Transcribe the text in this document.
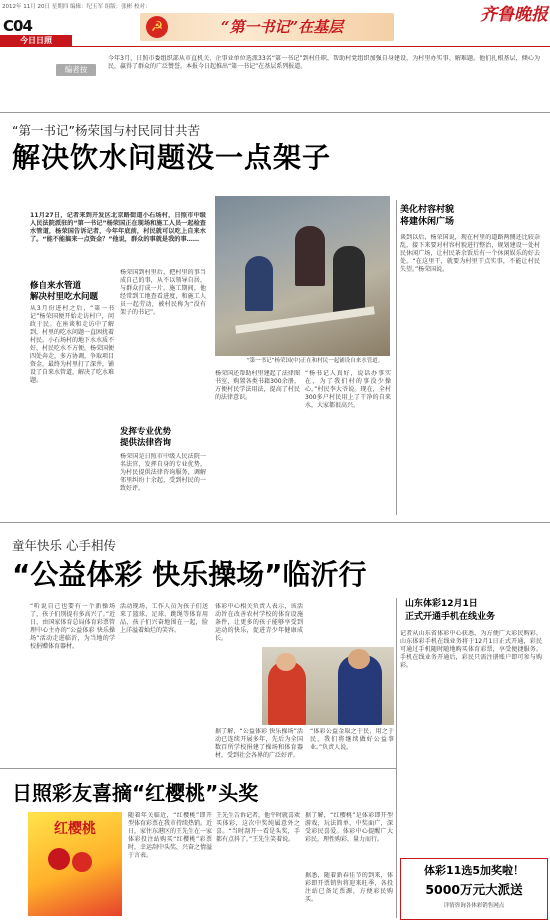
2012年 11月 20日 星期四 编辑：纪玉军 组版：张彬 校对：	齐鲁晚报
C04
今日日照
☭	“第一书记”在基层
编者按
今年3月，日照市委组织部从市直机关、企事业单位选派33名“第一书记”到村任职，帮助村党组织加强自身建设，为村里办实事、解难题。他们扎根基层，倾心为民，赢得了群众的广泛赞誉。本报今日起推出“第一书记”在基层系列报道。
“第一书记”杨荣国与村民同甘共苦
解决饮水问题没一点架子
11月27日，记者来到开发区北京路街道小石场村，日照市中级人民法院派驻的“第一书记”杨荣国正在现场和施工人员一起检查水管道，杨荣国告诉记者，今年年底前，村民就可以吃上自来水了。“能不能搞来一点资金？”他说，群众的事就是我的事……
“第一书记”杨荣国(中)正在和村民一起铺设自来水管道。
修自来水管道
解决村里吃水问题
从3月份进村之后，“第一书记”杨荣国便开始走访村户，问政于民。在座谈和走访中了解到，村里的吃水问题一直困扰着村民。小石场村的地下水水质不好，村民吃水不方便。杨荣国便四处奔走，多方协调，争取项目资金，最终为村里打了深井，铺设了自来水管道，解决了吃水难题。
杨荣国到村里后，把村里的事当成自己的事，从不以领导自居，与群众打成一片。施工期间，他经常到工地查看进度，和施工人员一起劳动，被村民称为“没有架子的书记”。
发挥专业优势
提供法律咨询
杨荣国是日照市中级人民法院一名法官，发挥自身的专业优势，为村民提供法律咨询服务，调解邻里纠纷十余起，受到村民的一致好评。
杨荣国还帮助村里建起了法律图书室，购置各类书籍300余册，方便村民学法用法，提高了村民的法律意识。
“杨书记人真好，说话办事实在，为了我们村的事没少操心。”村民李大爷说。现在，全村300多户村民用上了干净的自来水，大家都很高兴。
美化村容村貌
将建休闲广场
谈到以后，杨荣国说，现在村里的道路两侧还比较杂乱，接下来要对村容村貌进行整治，规划建设一处村民休闲广场，让村民茶余饭后有一个休闲娱乐的好去处。“在这里干，就要为村里干点实事，不能让村民失望。”杨荣国说。
童年快乐 心手相传
“公益体彩 快乐操场”临沂行
“听说自己也要有一个新操场了，孩子们别提有多高兴了。”近日，由国家体育总局体育彩票管理中心主办的“公益体彩 快乐操场”活动走进临沂，为当地的学校捐赠体育器材。
活动现场，工作人员为孩子们送来了篮球、足球、跳绳等体育用品，孩子们兴奋地围在一起，脸上洋溢着灿烂的笑容。
体彩中心相关负责人表示，该活动旨在改善农村学校的体育设施条件，让更多的孩子能够享受到运动的快乐，促进青少年健康成长。
据了解，“公益体彩 快乐操场”活动已连续开展多年，先后为全国数百所学校捐建了操场和体育器材，受到社会各界的广泛好评。
“体彩公益金取之于民、用之于民，我们将继续做好公益事业。”负责人说。
山东体彩12月1日
正式开通手机在线业务
记者从山东省体彩中心获悉，为方便广大彩民购彩，山东体彩手机在线业务将于12月1日正式开通，彩民可通过手机随时随地购买体育彩票，享受便捷服务。手机在线业务开通后，彩民只需注册账户即可参与购彩。
体彩11选5加奖啦！
5000万元大派送
详情咨询各体彩销售网点
日照彩友喜摘“红樱桃”头奖
红樱桃
随着年关临近，“红樱桃”即开型体育彩票在我市持续热销。近日，家住东港区的王先生在一家体彩投注站购买“红樱桃”彩票时，幸运刮中头奖，兴奋之情溢于言表。
王先生告诉记者，他平时就喜欢买体彩，这次中奖纯属意外之喜。“当时刮开一看是头奖，手都有点抖了。”王先生笑着说。
据了解，“红樱桃”是体彩即开型游戏，玩法简单，中奖面广，深受彩民喜爱。体彩中心提醒广大彩民，理性购彩，量力而行。
据悉，随着新春佳节的到来，体彩即开票销售将迎来旺季，各投注站已备足票源，方便彩民购买。
